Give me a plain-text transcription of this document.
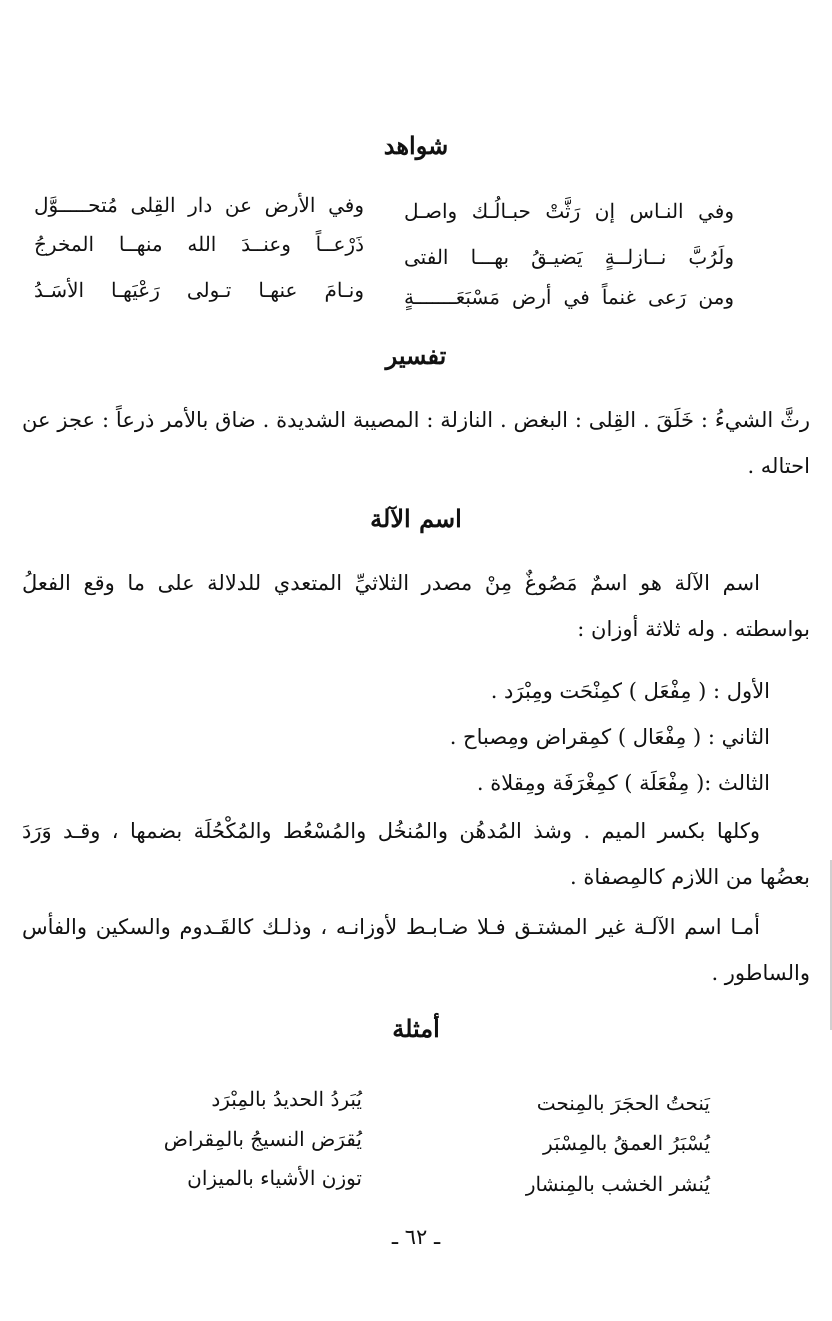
شواهد
وفي النـاس إن رَثَّتْ حبـالُـك واصـل
وفي الأرض عن دار القِلى مُتحـــــوَّل
ولَرُبَّ نــازلــةٍ يَضيـقُ بهـــا الفتى
ذَرْعــاً وعنــدَ الله منهــا المخرجُ
ومن رَعى غنماً في أرض مَسْبَعَـــــــةٍ
ونـامَ عنهـا تـولى رَعْيَهـا الأسَـدُ
تفسير
رثَّ الشيءُ : خَلَقَ . القِلى : البغض . النازلة : المصيبة الشديدة . ضاق بالأمر ذرعاً : عجز عن احتاله .
اسم الآلة
اسم الآلة هو اسمٌ مَصُوغٌ مِنْ مصدر الثلاثيِّ المتعدي للدلالة على ما وقع الفعلُ بواسطته . وله ثلاثة أوزان :
الأول : ( مِفْعَل ) كمِنْحَت ومِبْرَد .
الثاني : ( مِفْعَال ) كمِقراض ومِصباح .
الثالث :( مِفْعَلَة ) كمِغْرَفَة ومِقلاة .
وكلها بكسر الميم . وشذ المُدهُن والمُنخُل والمُسْعُط والمُكْحُلَة بضمها ، وقـد وَرَدَ بعضُها من اللازم كالمِصفاة .
أمـا اسم الآلـة غير المشتـق فـلا ضـابـط لأوزانـه ، وذلـك كالقَـدوم والسكين والفأس والساطور .
أمثلة
يَنحتُ الحجَرَ بالمِنحت
يُسْبَرُ العمقُ بالمِسْبَر
يُنشر الخشب بالمِنشار
يُبَردُ الحديدُ بالمِبْرَد
يُقرَض النسيجُ بالمِقراض
توزن الأشياء بالميزان
ـ ٦٢ ـ
